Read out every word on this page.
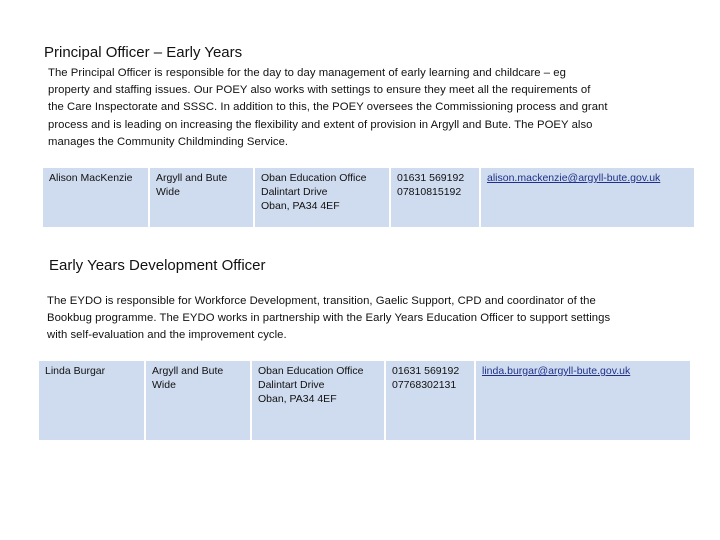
Principal Officer – Early Years
The Principal Officer is responsible for the day to day management of early learning and childcare – eg
property and staffing issues. Our POEY also works with settings to ensure they meet all the requirements of
the Care Inspectorate and SSSC. In addition to this, the POEY oversees the Commissioning process and grant
process and is leading on increasing the flexibility and extent of provision in Argyll and Bute. The POEY also
manages the Community Childminding Service.
Alison MacKenzie	Argyll and Bute
Wide
Oban Education Office
Dalintart Drive
Oban, PA34 4EF
01631 569192
07810815192
alison.mackenzie@argyll-bute.gov.uk
Early Years Development Officer
The EYDO is responsible for Workforce Development, transition, Gaelic Support, CPD and coordinator of the
Bookbug programme. The EYDO works in partnership with the Early Years Education Officer to support settings
with self-evaluation and the improvement cycle.
Linda Burgar	Argyll and Bute
Wide
Oban Education Office
Dalintart Drive
Oban, PA34 4EF
01631 569192
07768302131
linda.burgar@argyll-bute.gov.uk
